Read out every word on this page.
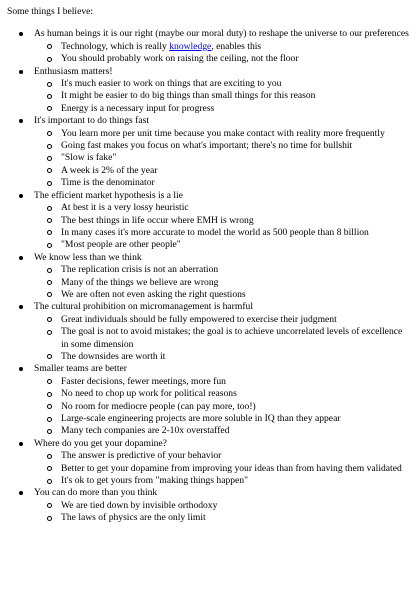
Some things I believe:
As human beings it is our right (maybe our moral duty) to reshape the universe to our preferences
Technology, which is really knowledge, enables this
You should probably work on raising the ceiling, not the floor
Enthusiasm matters!
It's much easier to work on things that are exciting to you
It might be easier to do big things than small things for this reason
Energy is a necessary input for progress
It's important to do things fast
You learn more per unit time because you make contact with reality more frequently
Going fast makes you focus on what's important; there's no time for bullshit
"Slow is fake"
A week is 2% of the year
Time is the denominator
The efficient market hypothesis is a lie
At best it is a very lossy heuristic
The best things in life occur where EMH is wrong
In many cases it's more accurate to model the world as 500 people than 8 billion
"Most people are other people"
We know less than we think
The replication crisis is not an aberration
Many of the things we believe are wrong
We are often not even asking the right questions
The cultural prohibition on micromanagement is harmful
Great individuals should be fully empowered to exercise their judgment
The goal is not to avoid mistakes; the goal is to achieve uncorrelated levels of excellence in some dimension
The downsides are worth it
Smaller teams are better
Faster decisions, fewer meetings, more fun
No need to chop up work for political reasons
No room for mediocre people (can pay more, too!)
Large-scale engineering projects are more soluble in IQ than they appear
Many tech companies are 2-10x overstaffed
Where do you get your dopamine?
The answer is predictive of your behavior
Better to get your dopamine from improving your ideas than from having them validated
It's ok to get yours from "making things happen"
You can do more than you think
We are tied down by invisible orthodoxy
The laws of physics are the only limit
